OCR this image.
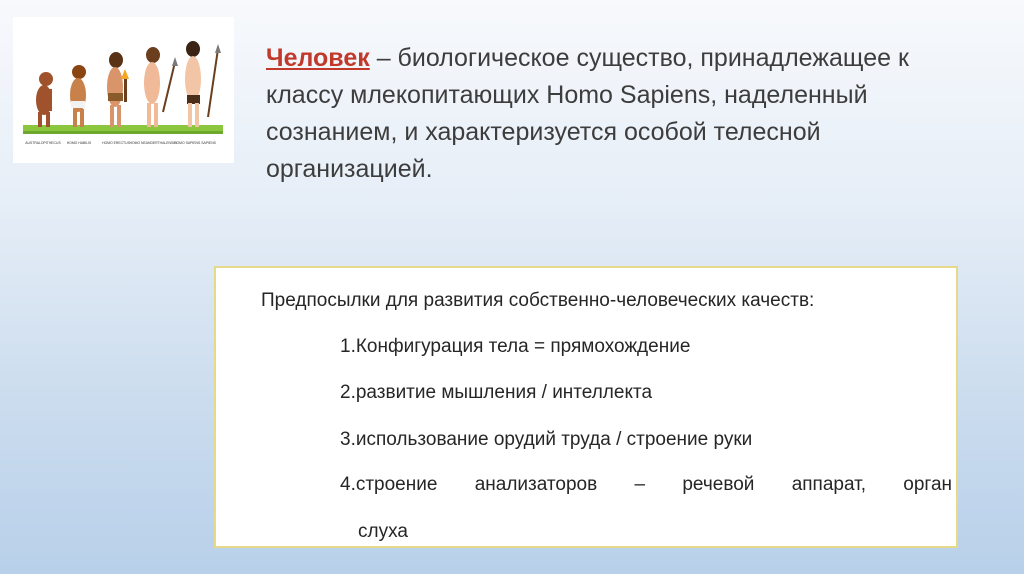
AUSTRALOPITHECUS HOMO HABILIS	HOMO ERECTUS HOMO NEANDERTHALENSIS
HOMO SAPIENS SAPIENS
Человек – биологическое существо, принадлежащее к классу млекопитающих Homo Sapiens, наделенный сознанием, и характеризуется особой телесной организацией.
Предпосылки для развития собственно-человеческих качеств:
1.Конфигурация тела = прямохождение
2.развитие мышления / интеллекта
3.использование орудий труда / строение руки
4.строение анализаторов – речевой аппарат, орган
слуха
